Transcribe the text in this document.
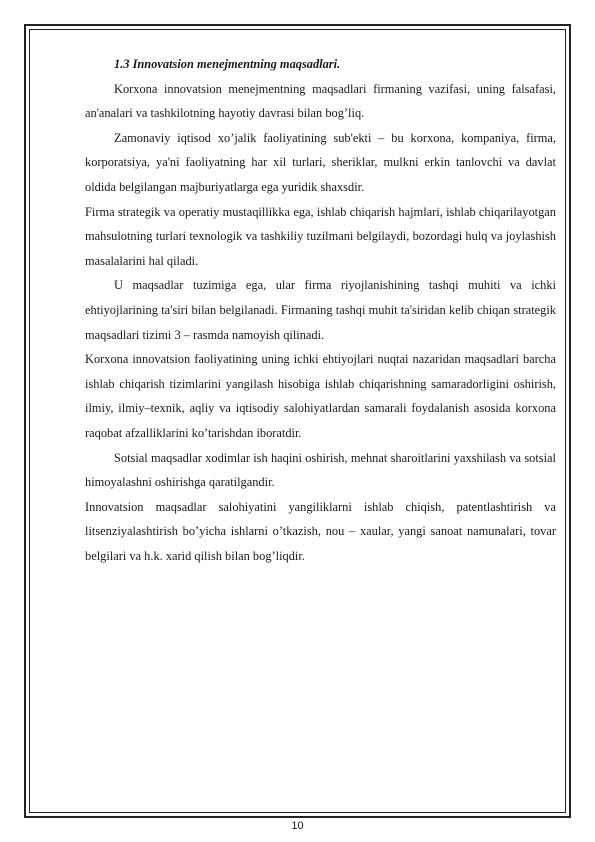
1.3 Innovatsion menejmentning maqsadlari.

Korxona innovatsion menejmentning maqsadlari firmaning vazifasi, uning falsafasi, an'analari va tashkilotning hayotiy davrasi bilan bog’liq.

Zamonaviy iqtisod xo’jalik faoliyatining sub'ekti – bu korxona, kompaniya, firma, korporatsiya, ya'ni faoliyatning har xil turlari, sheriklar, mulkni erkin tanlovchi va davlat oldida belgilangan majburiyatlarga ega yuridik shaxsdir.

Firma strategik va operatiy mustaqillikka ega, ishlab chiqarish hajmlari, ishlab chiqarilayotgan mahsulotning turlari texnologik va tashkiliy tuzilmani belgilaydi, bozordagi hulq va joylashish masalalarini hal qiladi.

U maqsadlar tuzimiga ega, ular firma riyojlanishining tashqi muhiti va ichki ehtiyojlarining ta'siri bilan belgilanadi. Firmaning tashqi muhit ta'siridan kelib chiqan strategik maqsadlari tizimi 3 – rasmda namoyish qilinadi.

Korxona innovatsion faoliyatining uning ichki ehtiyojlari nuqtai nazaridan maqsadlari barcha ishlab chiqarish tizimlarini yangilash hisobiga ishlab chiqarishning samaradorligini oshirish, ilmiy, ilmiy–texnik, aqliy va iqtisodiy salohiyatlardan samarali foydalanish asosida korxona raqobat afzalliklarini ko’tarishdan iboratdir.

Sotsial maqsadlar xodimlar ish haqini oshirish, mehnat sharoitlarini yaxshilash va sotsial himoyalashni oshirishga qaratilgandir.

Innovatsion maqsadlar salohiyatini yangiliklarni ishlab chiqish, patentlashtirish va litsenziyalashtirish bo’yicha ishlarni o’tkazish, nou – xaular, yangi sanoat namunalari, tovar belgilari va h.k. xarid qilish bilan bog’liqdir.

10
